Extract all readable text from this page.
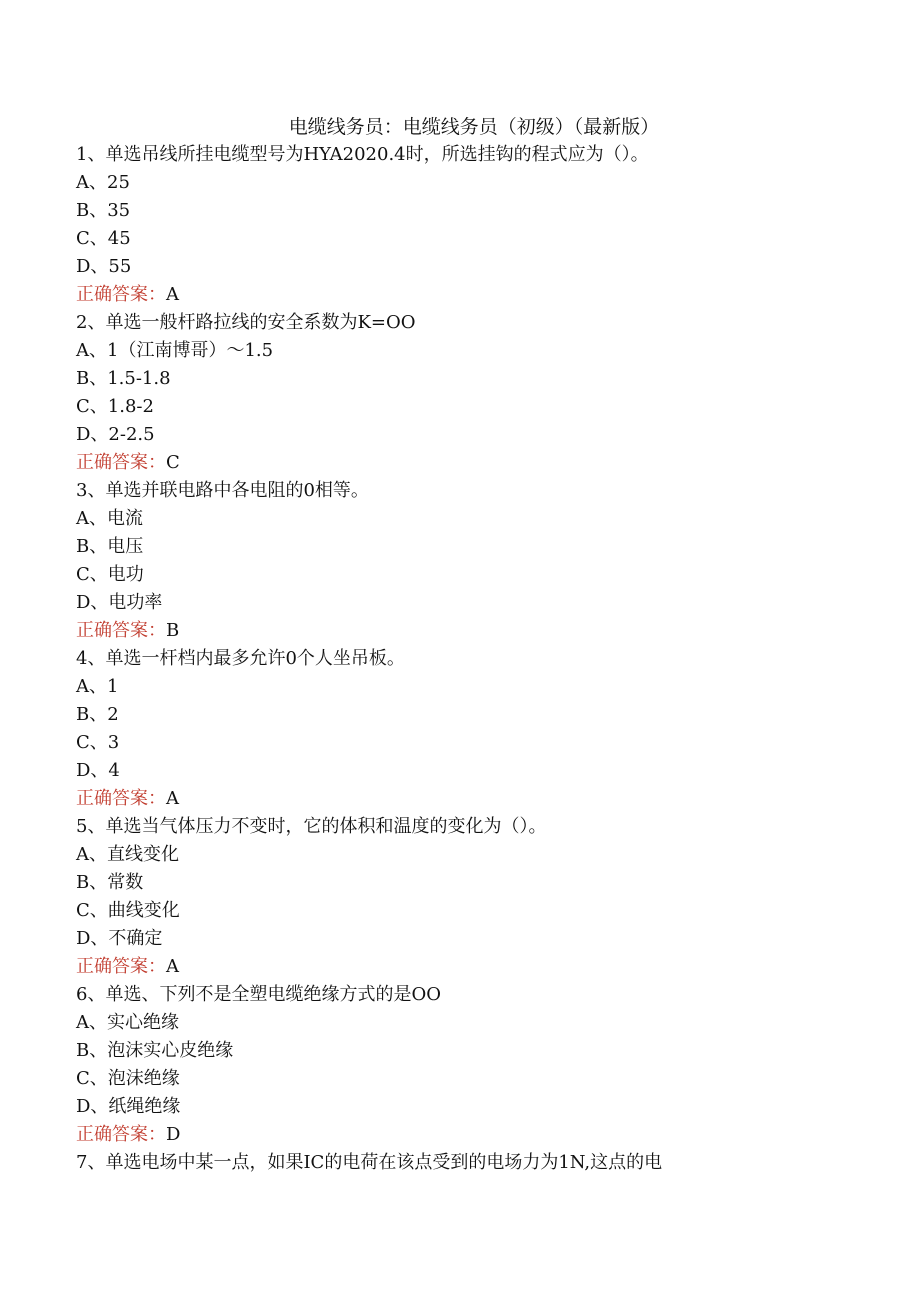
电缆线务员：电缆线务员（初级）（最新版）
1、单选吊线所挂电缆型号为HYA2020.4时，所选挂钩的程式应为（）。
A、25
B、35
C、45
D、55
正确答案：A
2、单选一般杆路拉线的安全系数为K=OO
A、1（江南博哥）～1.5
B、1.5-1.8
C、1.8-2
D、2-2.5
正确答案：C
3、单选并联电路中各电阻的0相等。
A、电流
B、电压
C、电功
D、电功率
正确答案：B
4、单选一杆档内最多允许0个人坐吊板。
A、1
B、2
C、3
D、4
正确答案：A
5、单选当气体压力不变时，它的体积和温度的变化为（）。
A、直线变化
B、常数
C、曲线变化
D、不确定
正确答案：A
6、单选、下列不是全塑电缆绝缘方式的是OO
A、实心绝缘
B、泡沫实心皮绝缘
C、泡沫绝缘
D、纸绳绝缘
正确答案：D
7、单选电场中某一点，如果IC的电荷在该点受到的电场力为1N,这点的电
